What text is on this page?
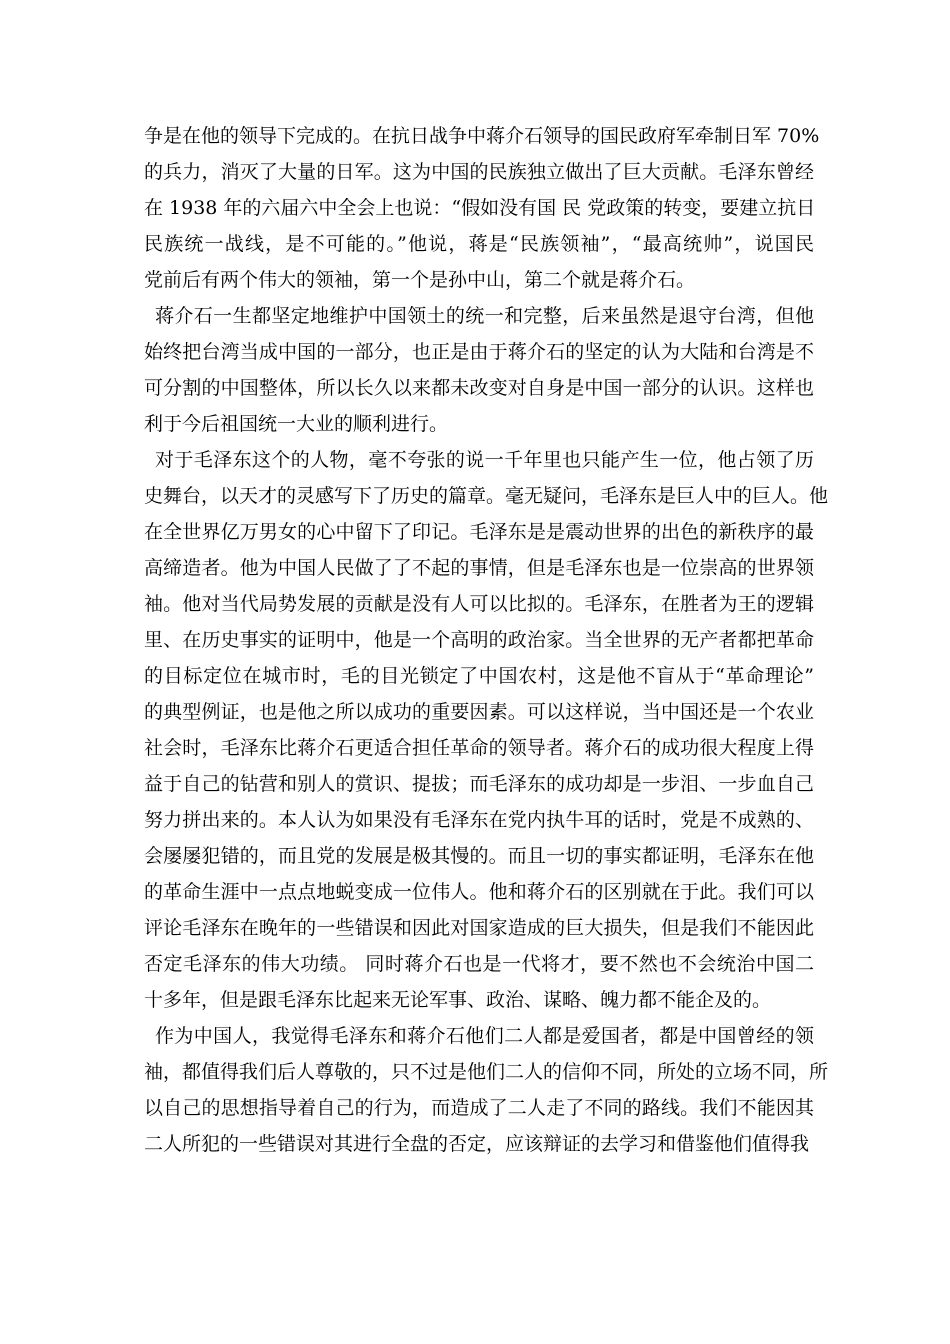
争是在他的领导下完成的。在抗日战争中蒋介石领导的国民政府军牵制日军 70%
的兵力，消灭了大量的日军。这为中国的民族独立做出了巨大贡献。毛泽东曾经
在 1938 年的六届六中全会上也说：“假如没有国 民 党政策的转变，要建立抗日
民族统一战线，是不可能的。”他说，蒋是“民族领袖”，“最高统帅”，说国民
党前后有两个伟大的领袖，第一个是孙中山，第二个就是蒋介石。
蒋介石一生都坚定地维护中国领土的统一和完整，后来虽然是退守台湾，但他
始终把台湾当成中国的一部分，也正是由于蒋介石的坚定的认为大陆和台湾是不
可分割的中国整体，所以长久以来都未改变对自身是中国一部分的认识。这样也
利于今后祖国统一大业的顺利进行。
对于毛泽东这个的人物，毫不夸张的说一千年里也只能产生一位，他占领了历
史舞台，以天才的灵感写下了历史的篇章。毫无疑问，毛泽东是巨人中的巨人。他
在全世界亿万男女的心中留下了印记。毛泽东是是震动世界的出色的新秩序的最
高缔造者。他为中国人民做了了不起的事情，但是毛泽东也是一位崇高的世界领
袖。他对当代局势发展的贡献是没有人可以比拟的。毛泽东，在胜者为王的逻辑
里、在历史事实的证明中，他是一个高明的政治家。当全世界的无产者都把革命
的目标定位在城市时，毛的目光锁定了中国农村，这是他不盲从于“革命理论”
的典型例证，也是他之所以成功的重要因素。可以这样说，当中国还是一个农业
社会时，毛泽东比蒋介石更适合担任革命的领导者。蒋介石的成功很大程度上得
益于自己的钻营和别人的赏识、提拔；而毛泽东的成功却是一步泪、一步血自己
努力拼出来的。本人认为如果没有毛泽东在党内执牛耳的话时，党是不成熟的、
会屡屡犯错的，而且党的发展是极其慢的。而且一切的事实都证明，毛泽东在他
的革命生涯中一点点地蜕变成一位伟人。他和蒋介石的区别就在于此。我们可以
评论毛泽东在晚年的一些错误和因此对国家造成的巨大损失，但是我们不能因此
否定毛泽东的伟大功绩。 同时蒋介石也是一代将才，要不然也不会统治中国二
十多年，但是跟毛泽东比起来无论军事、政治、谋略、魄力都不能企及的。
作为中国人，我觉得毛泽东和蒋介石他们二人都是爱国者，都是中国曾经的领
袖，都值得我们后人尊敬的，只不过是他们二人的信仰不同，所处的立场不同，所
以自己的思想指导着自己的行为，而造成了二人走了不同的路线。我们不能因其
二人所犯的一些错误对其进行全盘的否定，应该辩证的去学习和借鉴他们值得我
